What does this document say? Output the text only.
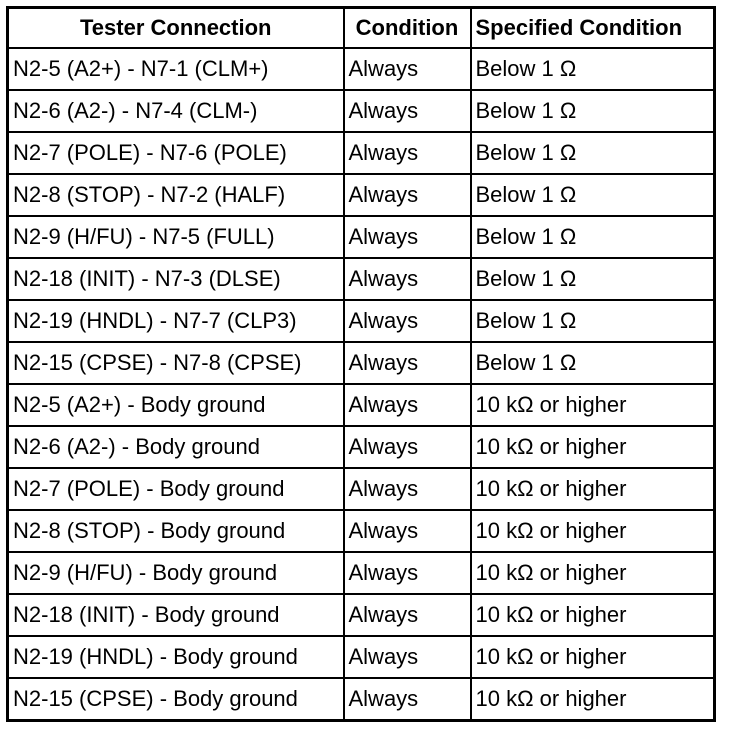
Tester Connection	Condition	Specified Condition
N2-5 (A2+) - N7-1 (CLM+)	Always	Below 1 Ω
N2-6 (A2-) - N7-4 (CLM-)	Always	Below 1 Ω
N2-7 (POLE) - N7-6 (POLE)	Always	Below 1 Ω
N2-8 (STOP) - N7-2 (HALF)	Always	Below 1 Ω
N2-9 (H/FU) - N7-5 (FULL)	Always	Below 1 Ω
N2-18 (INIT) - N7-3 (DLSE)	Always	Below 1 Ω
N2-19 (HNDL) - N7-7 (CLP3)	Always	Below 1 Ω
N2-15 (CPSE) - N7-8 (CPSE)	Always	Below 1 Ω
N2-5 (A2+) - Body ground	Always	10 kΩ or higher
N2-6 (A2-) - Body ground	Always	10 kΩ or higher
N2-7 (POLE) - Body ground	Always	10 kΩ or higher
N2-8 (STOP) - Body ground	Always	10 kΩ or higher
N2-9 (H/FU) - Body ground	Always	10 kΩ or higher
N2-18 (INIT) - Body ground	Always	10 kΩ or higher
N2-19 (HNDL) - Body ground	Always	10 kΩ or higher
N2-15 (CPSE) - Body ground	Always	10 kΩ or higher
